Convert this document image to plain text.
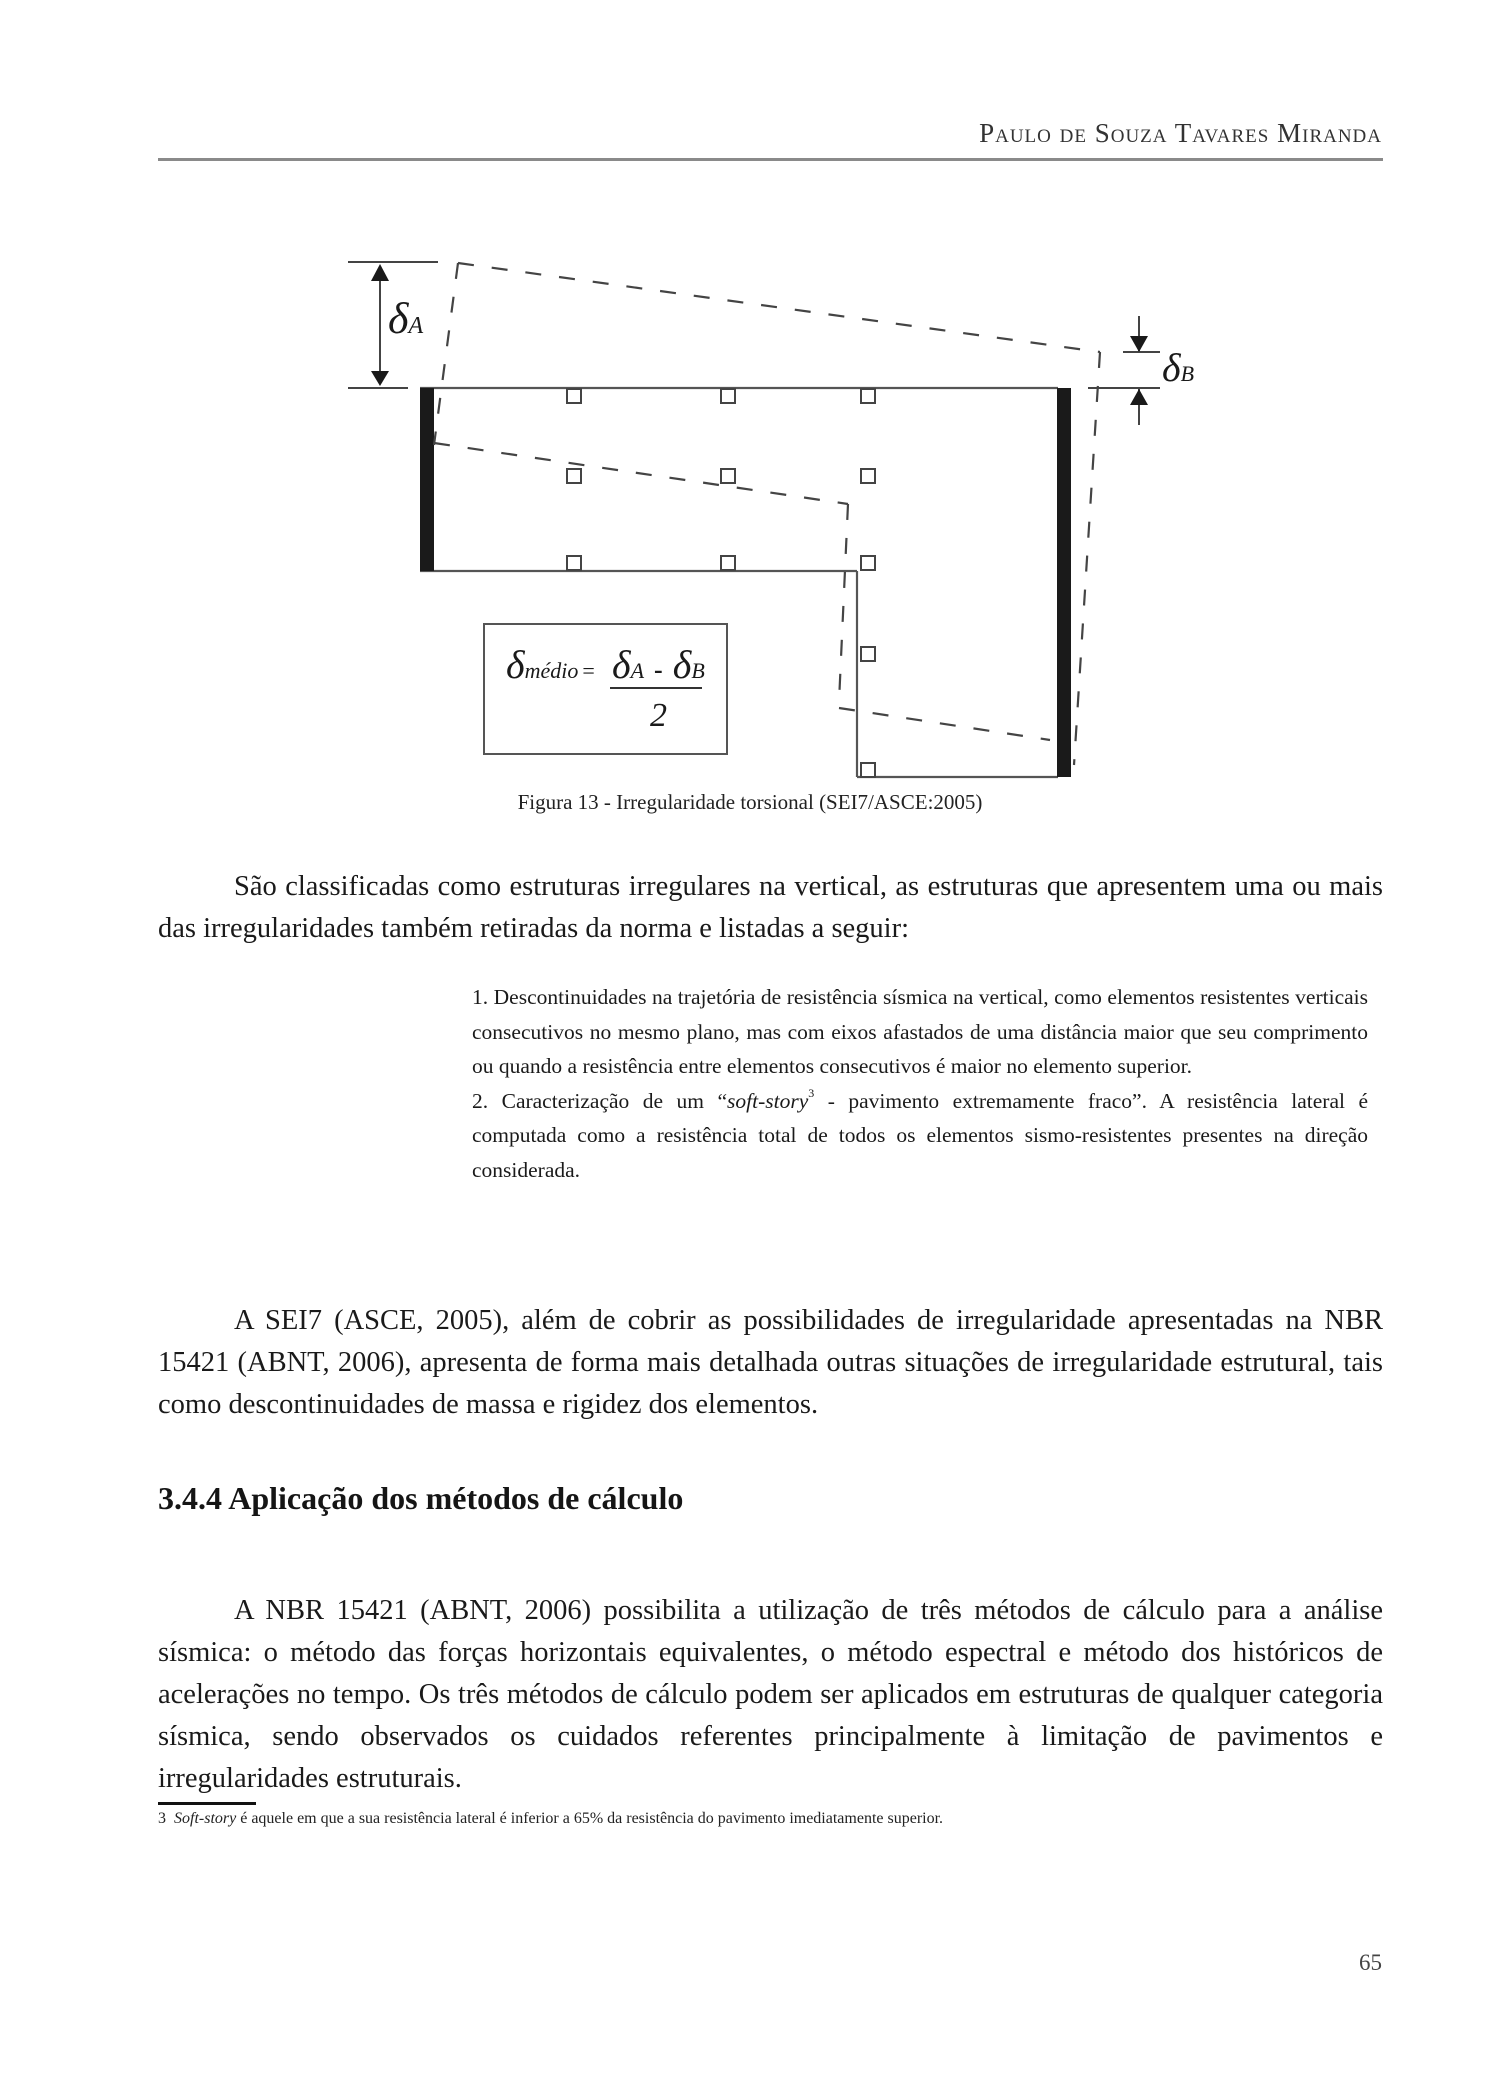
Paulo de Souza Tavares Miranda
δA
δB
δmédio = δA - δB
2
Figura 13 - Irregularidade torsional (SEI7/ASCE:2005)
São classificadas como estruturas irregulares na vertical, as estruturas que apresentem uma ou mais das irregularidades também retiradas da norma e listadas a seguir:

1. Descontinuidades na trajetória de resistência sísmica na vertical, como elementos resistentes verticais consecutivos no mesmo plano, mas com eixos afastados de uma distância maior que seu comprimento ou quando a resistência entre elementos consecutivos é maior no elemento superior.

2. Caracterização de um “soft-story$^3$ - pavimento extremamente fraco”. A resistência lateral é computada como a resistência total de todos os elementos sismo-resistentes presentes na direção considerada.

A SEI7 (ASCE, 2005), além de cobrir as possibilidades de irregularidade apresentadas na NBR 15421 (ABNT, 2006), apresenta de forma mais detalhada outras situações de irregularidade estrutural, tais como descontinuidades de massa e rigidez dos elementos.
3.4.4 Aplicação dos métodos de cálculo
A NBR 15421 (ABNT, 2006) possibilita a utilização de três métodos de cálculo para a análise sísmica: o método das forças horizontais equivalentes, o método espectral e método dos históricos de acelerações no tempo. Os três métodos de cálculo podem ser aplicados em estruturas de qualquer categoria sísmica, sendo observados os cuidados referentes principalmente à limitação de pavimentos e irregularidades estruturais.
3 Soft-story é aquele em que a sua resistência lateral é inferior a 65% da resistência do pavimento imediatamente superior.
65
